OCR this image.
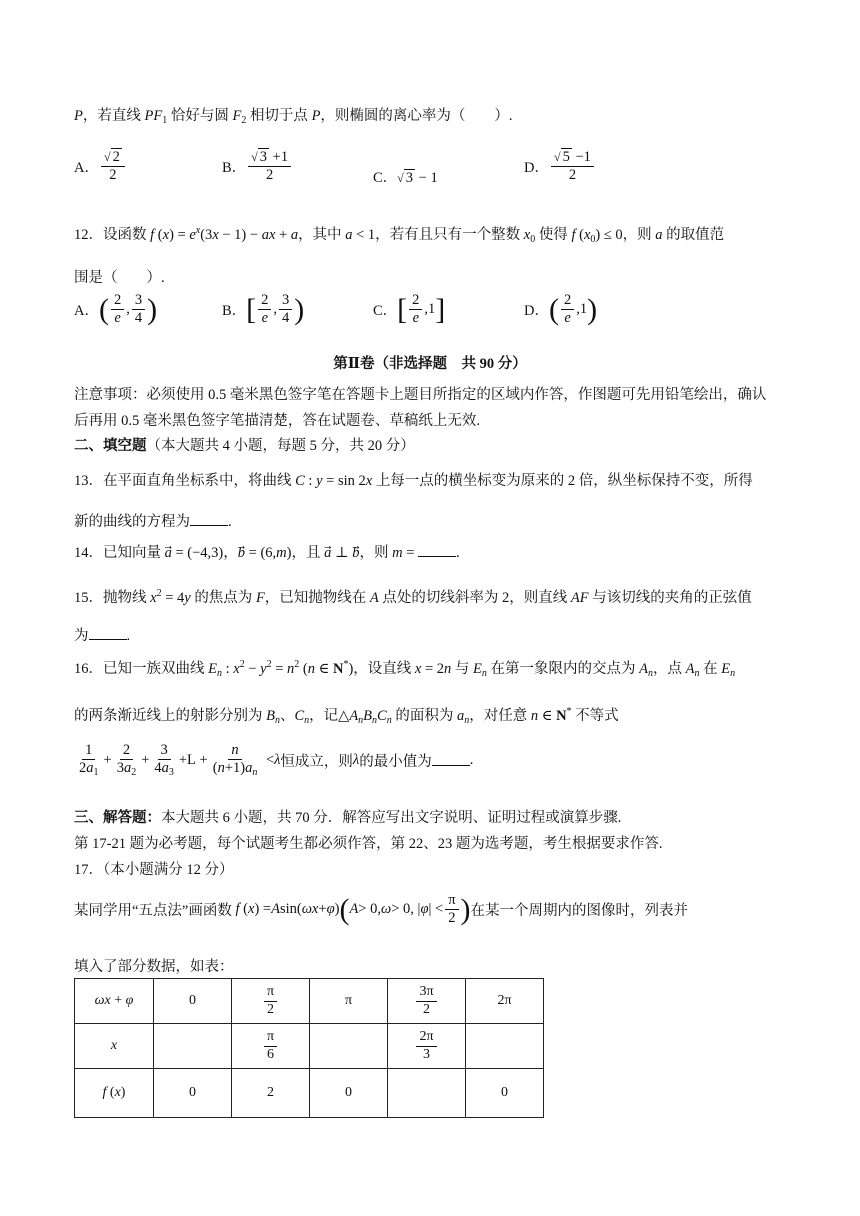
P，若直线 $PF_1$ 恰好与圆 $F_2$ 相切于点 P，则椭圆的离心率为（　　）.
A． $\frac{√ 2}{2}$	B． $\frac{√ 3 +1}{2}$	C．√ 3 − 1
D． $\frac{√ 5 -1}{2}$
12．设函数 f $(x) = e^x(3x - 1)$ − ax + a，其中 a < 1，若有且只有一个整数 $x_0$ 使得 f $(x_0) \le 0$，则 a 的取值范
围是（　　）.
A． ( $\frac{2}{e}$ , $\frac{3}{4}$ )	B． [ $\frac{2}{e}$ , $\frac{3}{4}$ )	C． [ $\frac{2}{e} ,1$ ]	D． ( $\frac{2}{e} ,1$ )
第Ⅱ卷（非选择题　共 90 分）
注意事项：必须使用 0.5 毫米黑色签字笔在答题卡上题目所指定的区域内作答，作图题可先用铅笔绘出，确认
后再用 0.5 毫米黑色签字笔描清楚，答在试题卷、草稿纸上无效.
二、填空题（本大题共 4 小题，每题 5 分，共 20 分）
13．在平面直角坐标系中，将曲线 C : y = sin 2x 上每一点的横坐标变为原来的 2 倍，纵坐标保持不变，所得
新的曲线的方程为	.
14．已知向量 a⃗ = (−4,3)，b⃗ = (6,m)，且 a⃗ ⊥ b⃗，则 m =	.
15．抛物线 $x^2 = 4y$ 的焦点为 F，已知抛物线在 A 点处的切线斜率为 2，则直线 AF 与该切线的夹角的正弦值
为	.
16．已知一族双曲线 $E_n$ : $x^2 - y^2 = n^2$ (n ∈ N*)，设直线 x = 2n 与 $E_n$ 在第一象限内的交点为 $A_n$，点 $A_n$ 在 $E_n$
的两条渐近线上的射影分别为 $B_n$、$C_n$，记$\triangle A_nB_nC_n$ 的面积为 $a_n$，对任意 n ∈ N* 不等式
$\frac{1}{2a_1} + \frac{2}{3a_2} + \frac{3}{4a_3} +L + \frac{n}{(n+1)a_n} < \lambda$ 恒成立，则 λ 的最小值为	.
三、解答题：本大题共 6 小题，共 70 分．解答应写出文字说明、证明过程或演算步骤.
第 17-21 题为必考题，每个试题考生都必须作答，第 22、23 题为选考题，考生根据要求作答.
17．（本小题满分 12 分）
某同学用“五点法”画函数 f ( x ) = A sin( ωx + φ ) ( A > 0, ω > 0, | φ | < $\frac{\pi}{2}$ ) 在某一个周期内的图像时，列表并
填入了部分数据，如表：
ωx + φ	0	$\frac{\pi}{2}$	π	$\frac{3\pi}{2}$	2π
x		$\frac{\pi}{6}$		$\frac{2\pi}{3}$

f (x)	0	2	0		0
